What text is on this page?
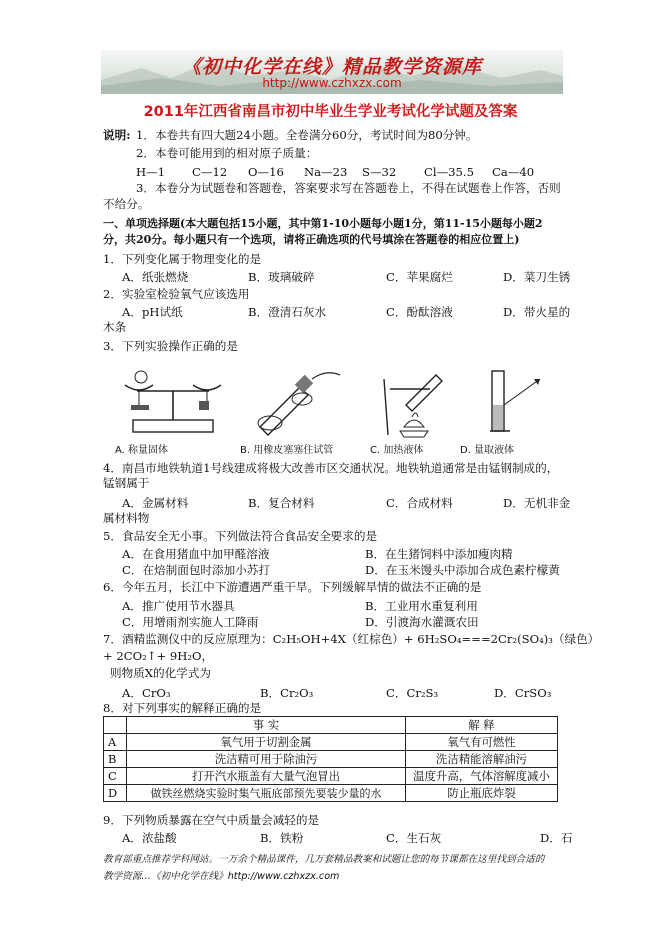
《初中化学在线》精品教学资源库
http://www.czhxzx.com
2011年江西省南昌市初中毕业生学业考试化学试题及答案
说明: 1．本卷共有四大题24小题。全卷满分60分，考试时间为80分钟。
2．本卷可能用到的相对原子质量：
H—1 C—12 O—16 Na—23 S—32 Cl—35.5 Ca—40
3．本卷分为试题卷和答题卷，答案要求写在答题卷上，不得在试题卷上作答，否则
不给分。
一、单项选择题(本大题包括15小题，其中第1-10小题每小题1分，第11-15小题每小题2
分，共20分。每小题只有一个选项，请将正确选项的代号填涂在答题卷的相应位置上)
1．下列变化属于物理变化的是
A．纸张燃烧	B．玻璃破碎	C．苹果腐烂	D．菜刀生锈
2．实验室检验氧气应该选用
A．pH试纸	B．澄清石灰水	C．酚酞溶液	D．带火星的
木条
3．下列实验操作正确的是
A. 称量固体	B. 用橡皮塞塞住试管	C. 加热液体	D. 量取液体
4．南昌市地铁轨道1号线建成将极大改善市区交通状况。地铁轨道通常是由锰钢制成的，
锰钢属于
A．金属材料	B．复合材料	C．合成材料	D．无机非金
属材料物
5．食品安全无小事。下列做法符合食品安全要求的是
A．在食用猪血中加甲醛溶液	B．在生猪饲料中添加瘦肉精
C．在焙制面包时添加小苏打	D．在玉米馒头中添加合成色素柠檬黄
6．今年五月，长江中下游遭遇严重干旱。下列缓解旱情的做法不正确的是
A．推广使用节水器具	B．工业用水重复利用
C．用增雨剂实施人工降雨	D．引渡海水灌溉农田
7．酒精监测仪中的反应原理为：C₂H₅OH+4X（红棕色）+ 6H₂SO₄===2Cr₂(SO₄)₃（绿色）
+ 2CO₂↑+ 9H₂O，
则物质X的化学式为
A．CrO₃	B．Cr₂O₃	C．Cr₂S₃	D．CrSO₃
8．对下列事实的解释正确的是
	事 实	解 释
A	氧气用于切割金属	氧气有可燃性
B	洗洁精可用于除油污	洗洁精能溶解油污
C	打开汽水瓶盖有大量气泡冒出	温度升高，气体溶解度减小
D	做铁丝燃烧实验时集气瓶底部预先要装少量的水	防止瓶底炸裂
9．下列物质暴露在空气中质量会减轻的是
A．浓盐酸	B．铁粉	C．生石灰	D．石
教育部重点推荐学科网站。一万余个精品课件，几万套精品教案和试题让您的每节课都在这里找到合适的
教学资源…《初中化学在线》http://www.czhxzx.com
